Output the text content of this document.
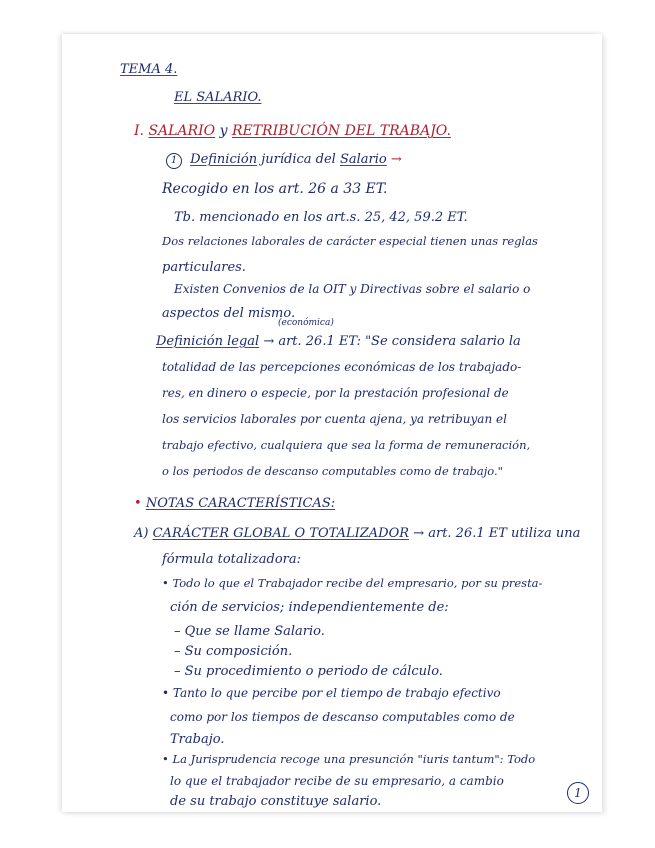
TEMA 4.
EL SALARIO.
I. SALARIO y RETRIBUCIÓN DEL TRABAJO.
1 Definición jurídica del Salario →
Recogido en los art. 26 a 33 ET.
Tb. mencionado en los art.s. 25, 42, 59.2 ET.
Dos relaciones laborales de carácter especial tienen unas reglas
particulares.
Existen Convenios de la OIT y Directivas sobre el salario o
aspectos del mismo.
(económica)
Definición legal → art. 26.1 ET: "Se considera salario la
totalidad de las percepciones económicas de los trabajado-
res, en dinero o especie, por la prestación profesional de
los servicios laborales por cuenta ajena, ya retribuyan el
trabajo efectivo, cualquiera que sea la forma de remuneración,
o los periodos de descanso computables como de trabajo."
• NOTAS CARACTERÍSTICAS:
A) CARÁCTER GLOBAL O TOTALIZADOR → art. 26.1 ET utiliza una
fórmula totalizadora:
• Todo lo que el Trabajador recibe del empresario, por su presta-
ción de servicios; independientemente de:
– Que se llame Salario.
– Su composición.
– Su procedimiento o periodo de cálculo.
• Tanto lo que percibe por el tiempo de trabajo efectivo
como por los tiempos de descanso computables como de
Trabajo.
• La Jurisprudencia recoge una presunción "iuris tantum": Todo
lo que el trabajador recibe de su empresario, a cambio
de su trabajo constituye salario.
1
